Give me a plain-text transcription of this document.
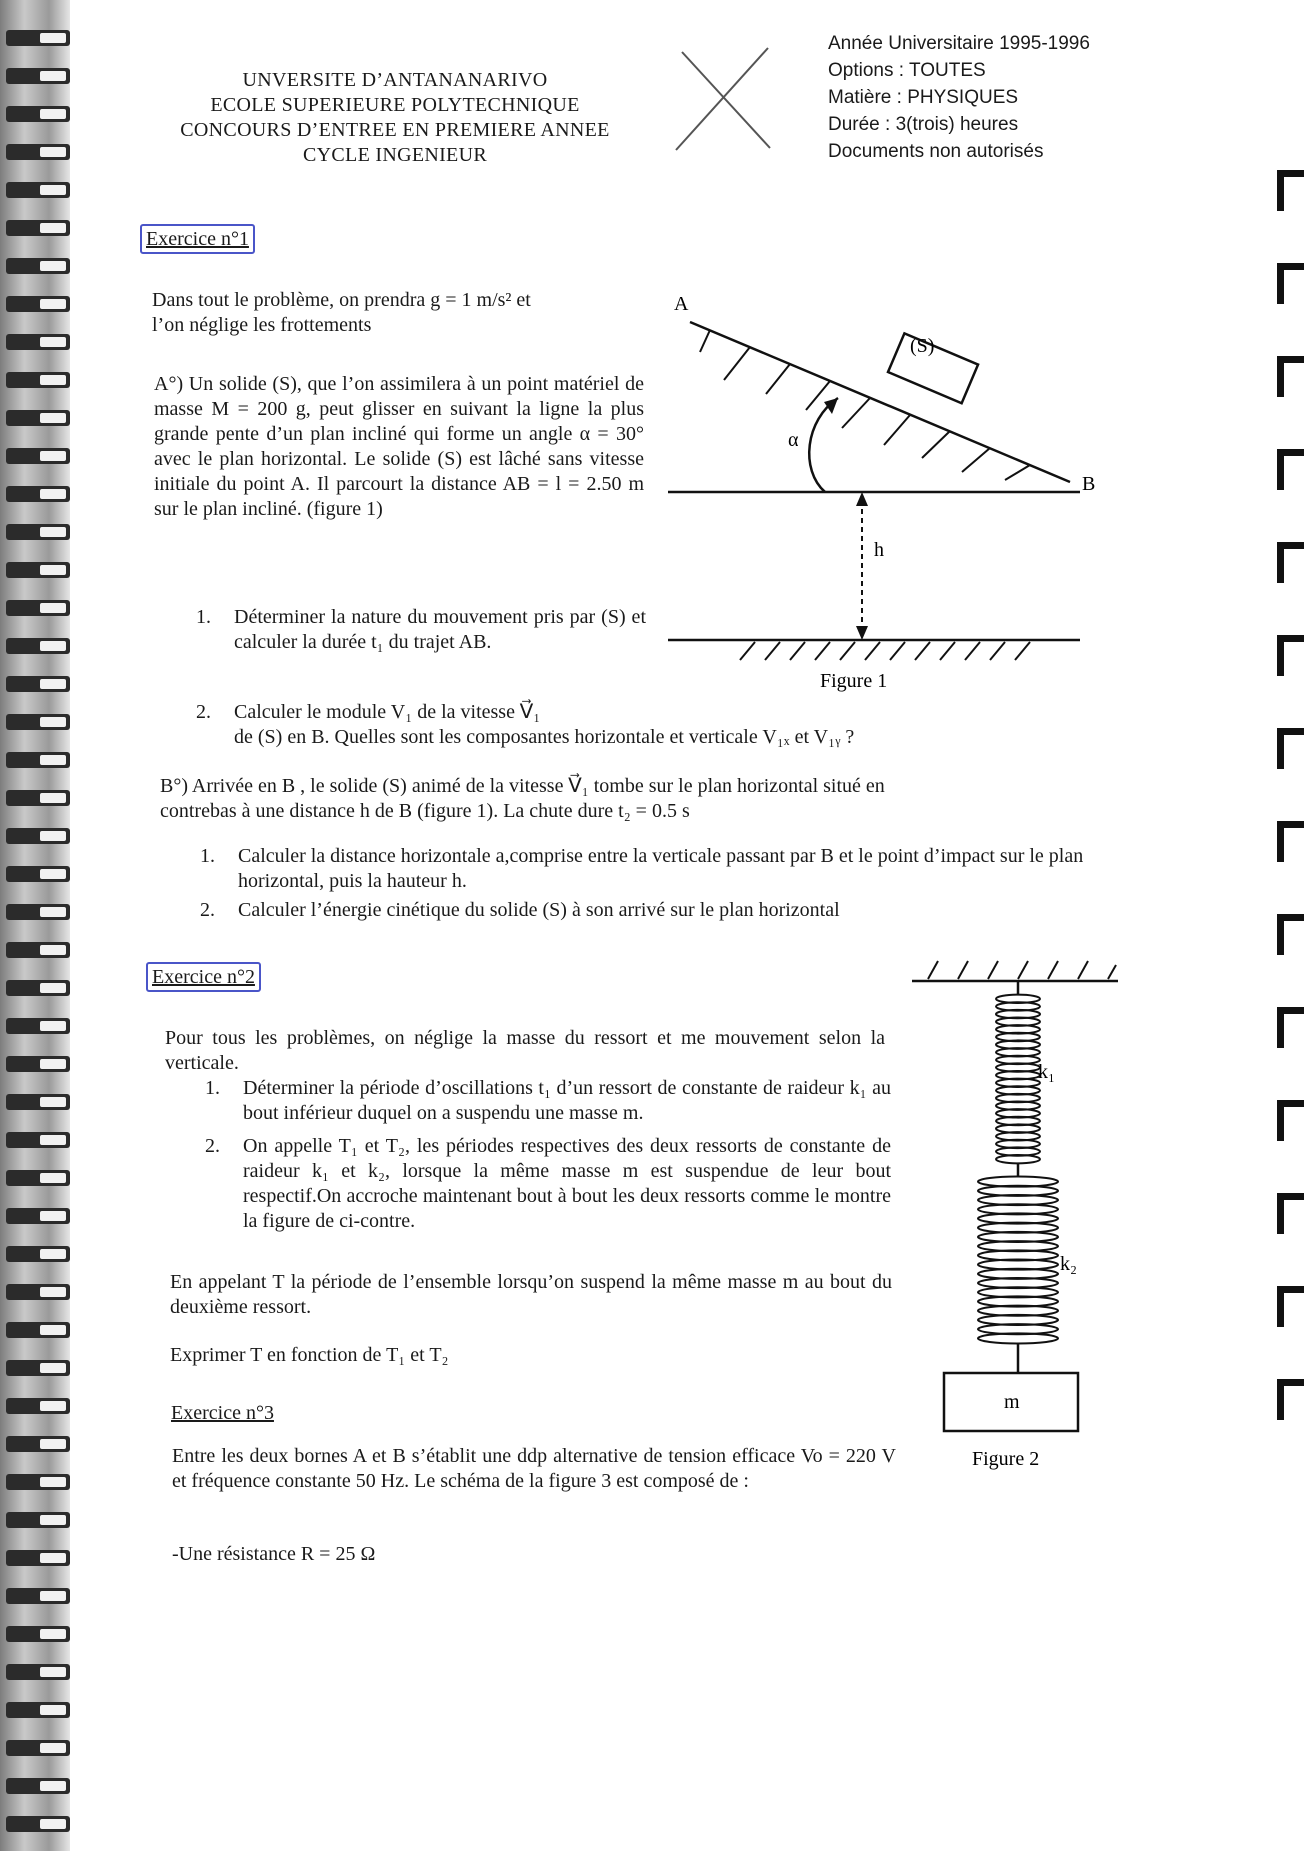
UNVERSITE D’ANTANANARIVO
ECOLE SUPERIEURE POLYTECHNIQUE
CONCOURS D’ENTREE EN PREMIERE ANNEE
CYCLE INGENIEUR
Année Universitaire 1995-1996
Options : TOUTES
Matière : PHYSIQUES
Durée : 3(trois) heures
Documents non autorisés
Exercice n°1
Dans tout le problème, on prendra g = 1 m/s² et
l’on néglige les frottements
A°) Un solide (S), que l’on assimilera à un point matériel de masse M = 200 g, peut glisser en suivant la ligne la plus grande pente d’un plan incliné qui forme un angle α = 30° avec le plan horizontal. Le solide (S) est lâché sans vitesse initiale du point A. Il parcourt la distance AB = l = 2.50 m sur le plan incliné. (figure 1)
1. Déterminer la nature du mouvement pris par (S) et calculer la durée t₁ du trajet AB.
2. Calculer le module V₁ de la vitesse V⃗₁
de (S) en B. Quelles sont les composantes horizontale et verticale V₁ₓ et V₁ᵧ ?
A
B
(S)
α
h
Figure 1
B°) Arrivée en B , le solide (S) animé de la vitesse V⃗₁ tombe sur le plan horizontal situé en
contrebas à une distance h de B (figure 1). La chute dure t₂ = 0.5 s
1. Calculer la distance horizontale a,comprise entre la verticale passant par B et le point d’impact sur le plan horizontal, puis la hauteur h.
2. Calculer l’énergie cinétique du solide (S) à son arrivé sur le plan horizontal
Exercice n°2
Pour tous les problèmes, on néglige la masse du ressort et me mouvement selon la verticale.
1. Déterminer la période d’oscillations t₁ d’un ressort de constante de raideur k₁ au bout inférieur duquel on a suspendu une masse m.
2. On appelle T₁ et T₂, les périodes respectives des deux ressorts de constante de raideur k₁ et k₂, lorsque la même masse m est suspendue de leur bout respectif.On accroche maintenant bout à bout les deux ressorts comme le montre la figure de ci-contre.
En appelant T la période de l’ensemble lorsqu’on suspend la même masse m au bout du deuxième ressort.
Exprimer T en fonction de T₁ et T₂
m
k₁
k₂
Figure 2
Exercice n°3
Entre les deux bornes A et B s’établit une ddp alternative de tension efficace Vo = 220 V et fréquence constante 50 Hz. Le schéma de la figure 3 est composé de :
-Une résistance R = 25 Ω
